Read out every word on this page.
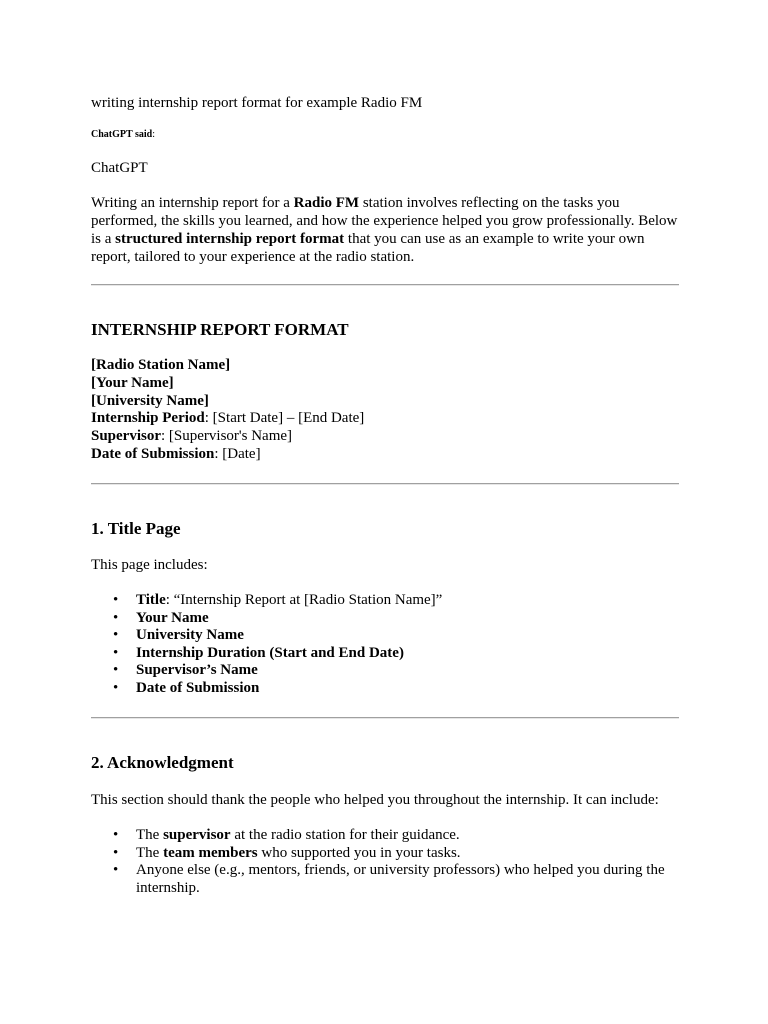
writing internship report format for example Radio FM
ChatGPT said:
ChatGPT

Writing an internship report for a Radio FM station involves reflecting on the tasks you performed, the skills you learned, and how the experience helped you grow professionally. Below is a structured internship report format that you can use as an example to write your own report, tailored to your experience at the radio station.

INTERNSHIP REPORT FORMAT
[Radio Station Name]
[Your Name]
[University Name]
Internship Period: [Start Date] – [End Date]
Supervisor: [Supervisor's Name]
Date of Submission: [Date]
1. Title Page

This page includes:

• Title: “Internship Report at [Radio Station Name]”
• Your Name
• University Name
• Internship Duration (Start and End Date)
• Supervisor’s Name
• Date of Submission
2. Acknowledgment

This section should thank the people who helped you throughout the internship. It can include:

• The supervisor at the radio station for their guidance.
• The team members who supported you in your tasks.
• Anyone else (e.g., mentors, friends, or university professors) who helped you during the internship.
